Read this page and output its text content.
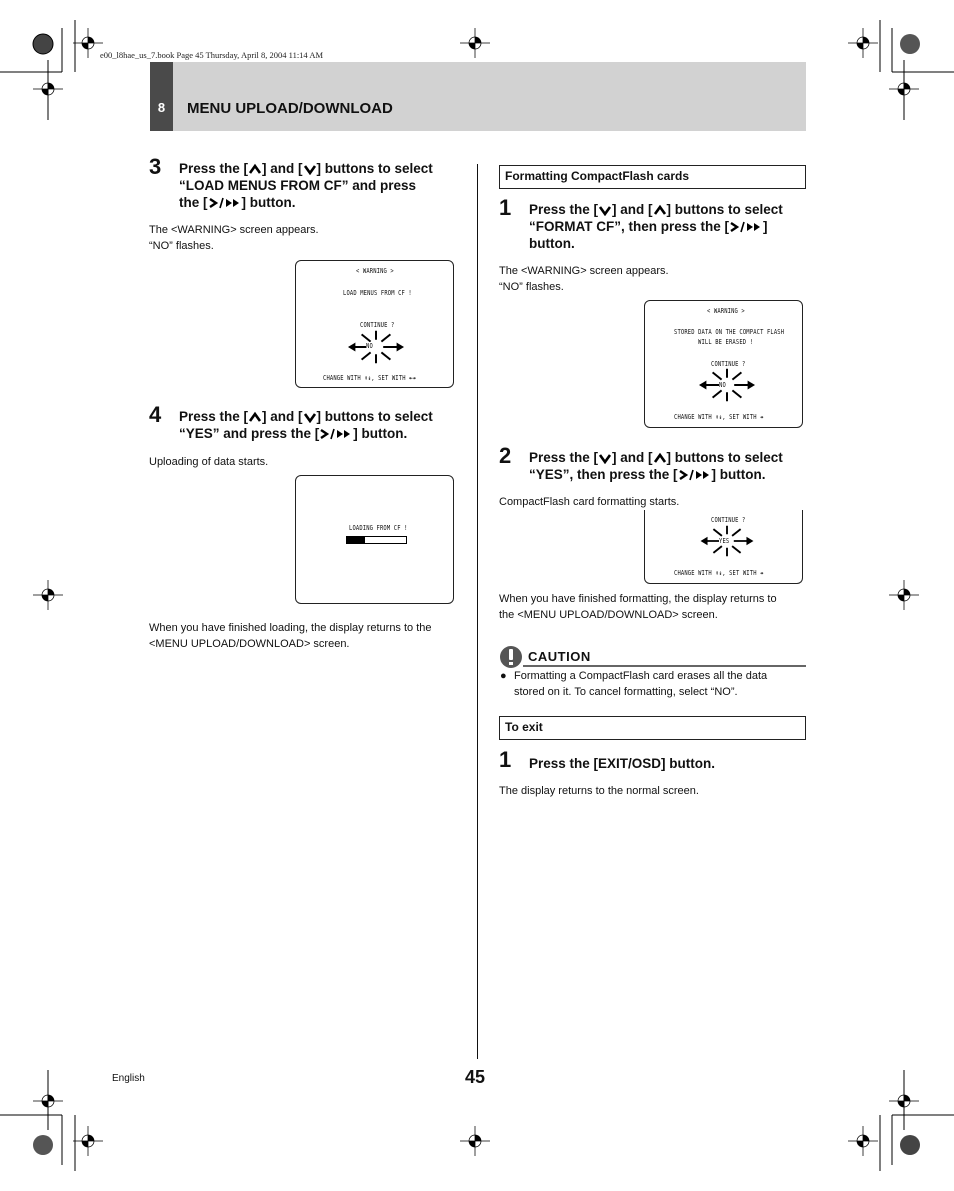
e00_l8hae_us_7.book Page 45 Thursday, April 8, 2004 11:14 AM
8	MENU UPLOAD/DOWNLOAD
3 Press the [ ] and [ ] buttons to select
“LOAD MENUS FROM CF” and press
the [	] button.
The <WARNING> screen appears.
“NO” flashes.
< WARNING >
LOAD MENUS FROM CF !
CONTINUE ?
NO
CHANGE WITH ↟↡, SET WITH ↞↠
4 Press the [ ] and [ ] buttons to select
“YES” and press the [	] button.
Uploading of data starts.
LOADING FROM CF !
When you have finished loading, the display returns to the
<MENU UPLOAD/DOWNLOAD> screen.
Formatting CompactFlash cards
1 Press the [ ] and [ ] buttons to select
“FORMAT CF”, then press the [	]
button.
The <WARNING> screen appears.
“NO” flashes.
< WARNING >
STORED DATA ON THE COMPACT FLASH
WILL BE ERASED !
CONTINUE ?
NO
CHANGE WITH ↟↡, SET WITH ↠
2 Press the [ ] and [ ] buttons to select
“YES”, then press the [	] button.
CompactFlash card formatting starts.
CONTINUE ?
YES
CHANGE WITH ↟↡, SET WITH ↠
When you have finished formatting, the display returns to
the <MENU UPLOAD/DOWNLOAD> screen.
CAUTION
● Formatting a CompactFlash card erases all the data
stored on it. To cancel formatting, select “NO”.
To exit
1 Press the [EXIT/OSD] button.
The display returns to the normal screen.
English	45
